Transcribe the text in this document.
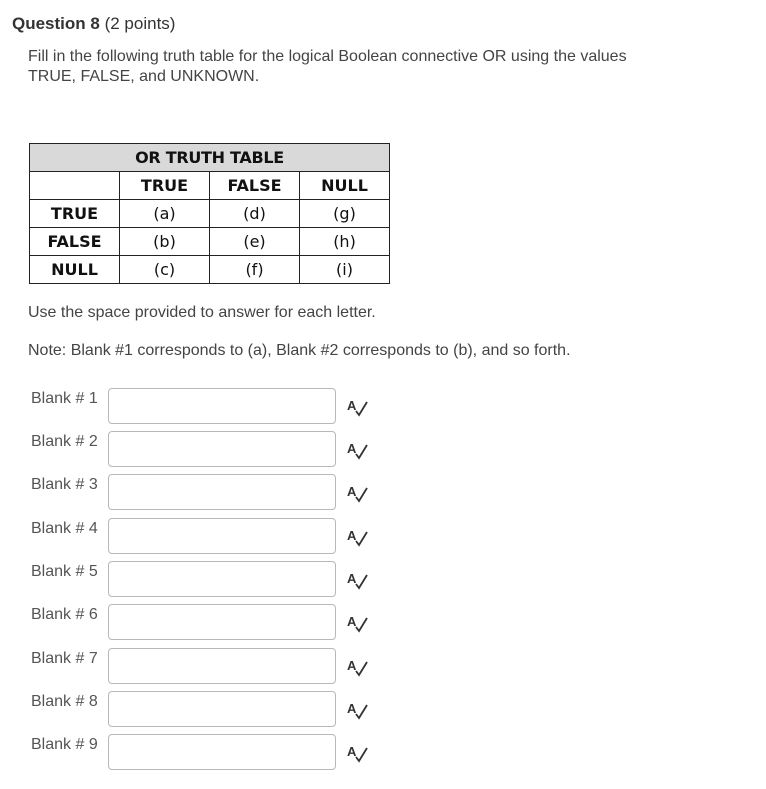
Question 8 (2 points)
Fill in the following truth table for the logical Boolean connective OR using the values TRUE, FALSE, and UNKNOWN.
OR TRUTH TABLE			
	TRUE	FALSE	NULL
TRUE	(a)	(d)	(g)
FALSE	(b)	(e)	(h)
NULL	(c)	(f)	(i)
Use the space provided to answer for each letter.
Note: Blank #1 corresponds to (a), Blank #2 corresponds to (b), and so forth.
Blank # 1	A
Blank # 2	A
Blank # 3	A
Blank # 4	A
Blank # 5	A
Blank # 6	A
Blank # 7	A
Blank # 8	A
Blank # 9	A
